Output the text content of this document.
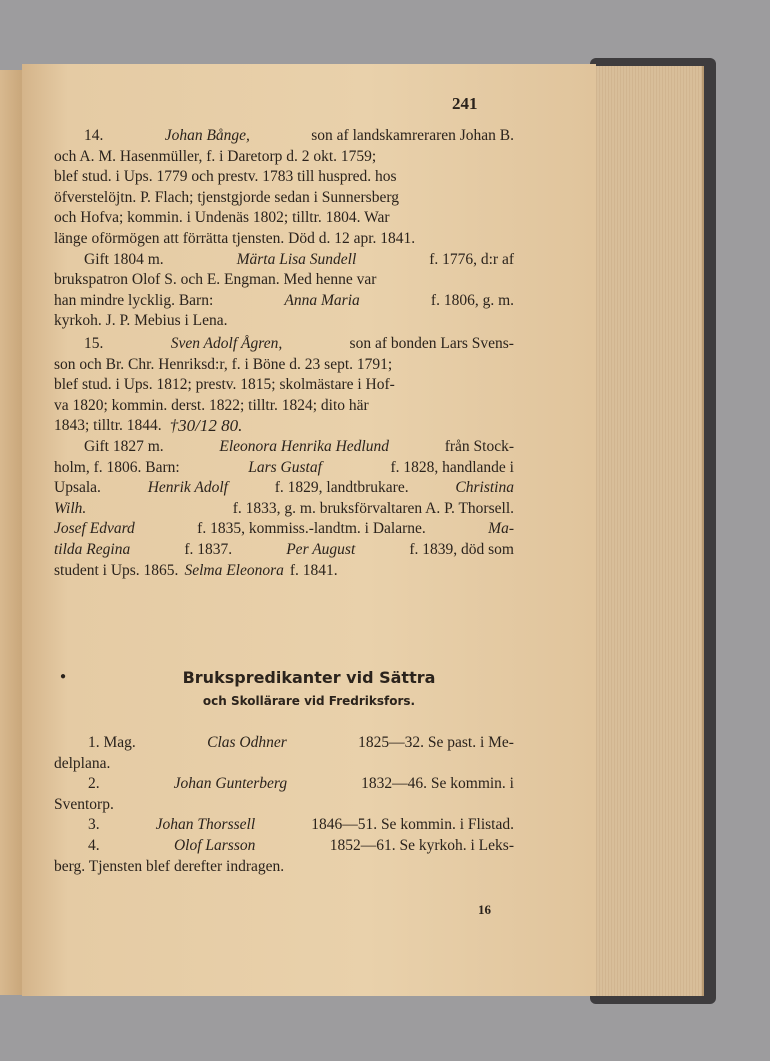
241
14.	Johan Bånge,	son af landskamreraren Johan B.
och A. M. Hasenmüller, f. i Daretorp d. 2 okt. 1759;
blef stud. i Ups. 1779 och prestv. 1783 till huspred. hos
öfverstelöjtn. P. Flach; tjenstgjorde sedan i Sunnersberg
och Hofva; kommin. i Undenäs 1802; tilltr. 1804. War
länge oförmögen att förrätta tjensten. Död d. 12 apr. 1841.
Gift 1804 m.	Märta Lisa Sundell	f. 1776, d:r af
brukspatron Olof S. och E. Engman. Med henne var
han mindre lycklig. Barn:	Anna Maria	f. 1806, g. m.
kyrkoh. J. P. Mebius i Lena.
15.	Sven Adolf Ågren,	son af bonden Lars Svens-
son och Br. Chr. Henriksd:r, f. i Böne d. 23 sept. 1791;
blef stud. i Ups. 1812; prestv. 1815; skolmästare i Hof-
va 1820; kommin. derst. 1822; tilltr. 1824; dito här
1843; tilltr. 1844. †30/12 80.
Gift 1827 m.	Eleonora Henrika Hedlund	från Stock-
holm, f. 1806. Barn:	Lars Gustaf	f. 1828, handlande i
Upsala.	Henrik Adolf	f. 1829, landtbrukare.	Christina
Wilh.	f. 1833, g. m. bruksförvaltaren A. P. Thorsell.
Josef Edvard	f. 1835, kommiss.-landtm. i Dalarne.	Ma-
tilda Regina	f. 1837.	Per August	f. 1839, död som
student i Ups. 1865. Selma Eleonora f. 1841.
●	Brukspredikanter vid Sättra
och Skollärare vid Fredriksfors.
1. Mag.	Clas Odhner	1825—32. Se past. i Me-
delplana.
2.	Johan Gunterberg	1832—46. Se kommin. i
Sventorp.
3.	Johan Thorssell	1846—51. Se kommin. i Flistad.
4.	Olof Larsson	1852—61. Se kyrkoh. i Leks-
berg. Tjensten blef derefter indragen.
16
